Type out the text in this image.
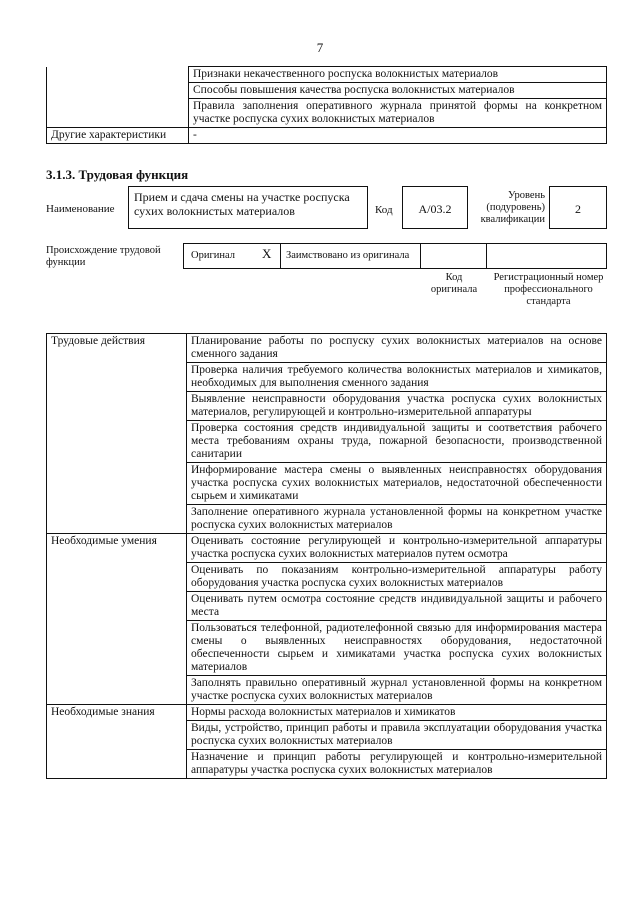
7
	Признаки некачественного роспуска волокнистых материалов
	Способы повышения качества роспуска волокнистых материалов
	Правила заполнения оперативного журнала принятой формы на конкретном участке роспуска сухих волокнистых материалов
Другие характеристики	-
3.1.3. Трудовая функция
Наименование
Прием и сдача смены на участке роспуска сухих волокнистых материалов	Код	A/03.2
Уровень (подуровень) квалификации
2
Происхождение трудовой функции
Оригинал X Заимствовано из оригинала
Код оригинала
Регистрационный номер профессионального стандарта
Трудовые действия	Планирование работы по роспуску сухих волокнистых материалов на основе сменного задания
	Проверка наличия требуемого количества волокнистых материалов и химикатов, необходимых для выполнения сменного задания
	Выявление неисправности оборудования участка роспуска сухих волокнистых материалов, регулирующей и контрольно-измерительной аппаратуры
	Проверка состояния средств индивидуальной защиты и соответствия рабочего места требованиям охраны труда, пожарной безопасности, производственной санитарии
	Информирование мастера смены о выявленных неисправностях оборудования участка роспуска сухих волокнистых материалов, недостаточной обеспеченности сырьем и химикатами
	Заполнение оперативного журнала установленной формы на конкретном участке роспуска сухих волокнистых материалов
Необходимые умения	Оценивать состояние регулирующей и контрольно-измерительной аппаратуры участка роспуска сухих волокнистых материалов путем осмотра
	Оценивать по показаниям контрольно-измерительной аппаратуры работу оборудования участка роспуска сухих волокнистых материалов
	Оценивать путем осмотра состояние средств индивидуальной защиты и рабочего места
	Пользоваться телефонной, радиотелефонной связью для информирования мастера смены о выявленных неисправностях оборудования, недостаточной обеспеченности сырьем и химикатами участка роспуска сухих волокнистых материалов
	Заполнять правильно оперативный журнал установленной формы на конкретном участке роспуска сухих волокнистых материалов
Необходимые знания	Нормы расхода волокнистых материалов и химикатов
	Виды, устройство, принцип работы и правила эксплуатации оборудования участка роспуска сухих волокнистых материалов
	Назначение и принцип работы регулирующей и контрольно-измерительной аппаратуры участка роспуска сухих волокнистых материалов
